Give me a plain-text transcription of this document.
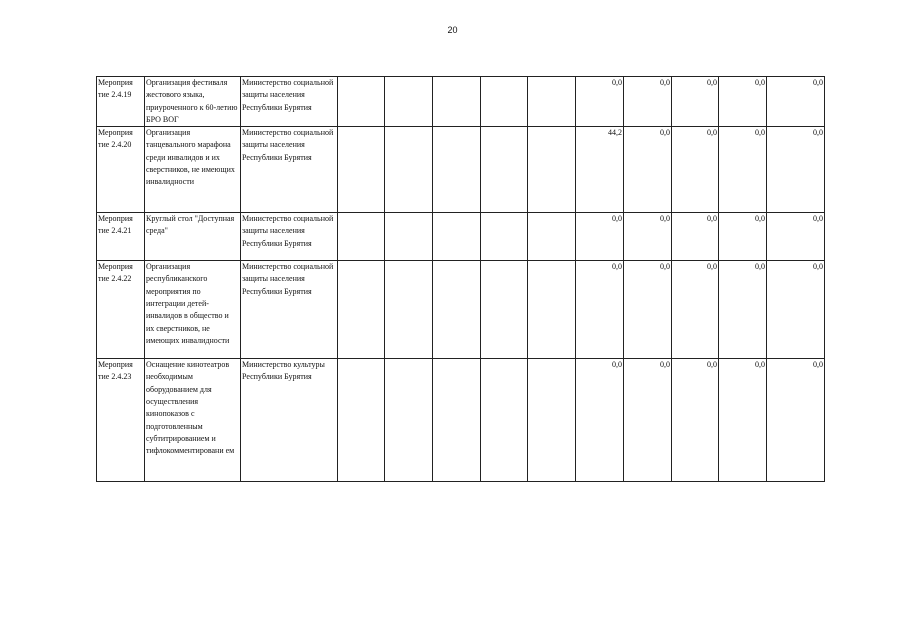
20
Мероприя тие 2.4.19	Организация фестиваля жестового языка, приуроченного к 60-летию БРО ВОГ	Министерство социальной защиты населения Республики Бурятия						0,0	0,0	0,0	0,0	0,0

Мероприя тие 2.4.20	Организация танцевального марафона среди инвалидов и их сверстников, не имеющих инвалидности	Министерство социальной защиты населения Республики Бурятия						44,2	0,0	0,0	0,0	0,0

Мероприя тие 2.4.21	Круглый стол "Доступная среда"	Министерство социальной защиты населения Республики Бурятия						0,0	0,0	0,0	0,0	0,0

Мероприя тие 2.4.22	Организация республиканского мероприятия по интеграции детей-инвалидов в общество и их сверстников, не имеющих инвалидности	Министерство социальной защиты населения Республики Бурятия						0,0	0,0	0,0	0,0	0,0

Мероприя тие 2.4.23	Оснащение кинотеатров необходимым оборудованием для осуществления кинопоказов с подготовленным субтитрированием и тифлокомментировани ем	Министерство культуры Республики Бурятия						0,0	0,0	0,0	0,0	0,0
